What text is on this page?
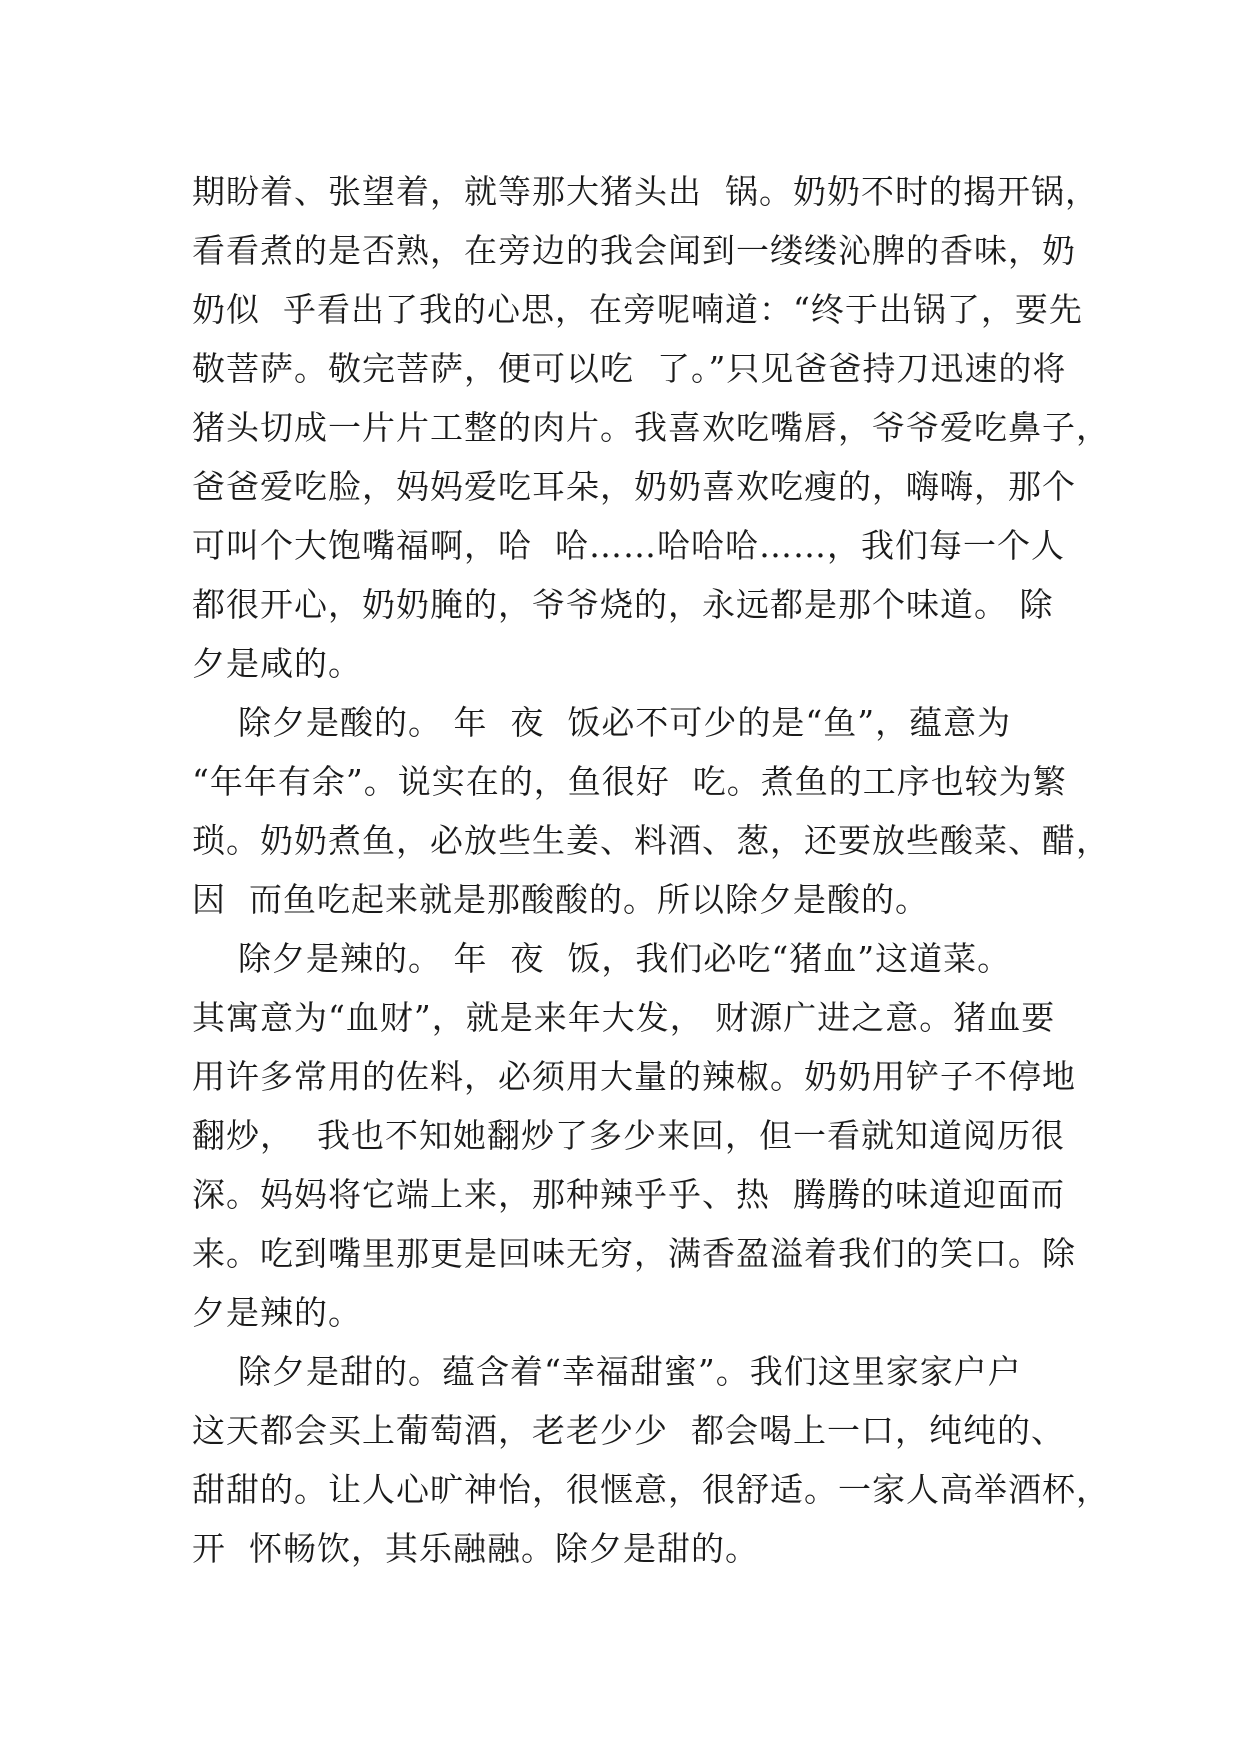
期盼着、张望着，就等那大猪头出  锅。奶奶不时的揭开锅，
看看煮的是否熟，在旁边的我会闻到一缕缕沁脾的香味，奶
奶似  乎看出了我的心思，在旁呢喃道：“终于出锅了，要先
敬菩萨。敬完菩萨，便可以吃  了。”只见爸爸持刀迅速的将
猪头切成一片片工整的肉片。我喜欢吃嘴唇，爷爷爱吃鼻子，
爸爸爱吃脸，妈妈爱吃耳朵，奶奶喜欢吃瘦的，嗨嗨，那个
可叫个大饱嘴福啊，哈  哈……哈哈哈……，我们每一个人
都很开心，奶奶腌的，爷爷烧的，永远都是那个味道。 除
夕是咸的。
除夕是酸的。 年  夜  饭必不可少的是“鱼”，蕴意为
“年年有余”。说实在的，鱼很好  吃。煮鱼的工序也较为繁
琐。奶奶煮鱼，必放些生姜、料酒、葱，还要放些酸菜、醋，
因  而鱼吃起来就是那酸酸的。所以除夕是酸的。
除夕是辣的。 年  夜  饭，我们必吃“猪血”这道菜。
其寓意为“血财”，就是来年大发， 财源广进之意。猪血要
用许多常用的佐料，必须用大量的辣椒。奶奶用铲子不停地
翻炒，  我也不知她翻炒了多少来回，但一看就知道阅历很
深。妈妈将它端上来，那种辣乎乎、热  腾腾的味道迎面而
来。吃到嘴里那更是回味无穷，满香盈溢着我们的笑口。除
夕是辣的。
除夕是甜的。蕴含着“幸福甜蜜”。我们这里家家户户
这天都会买上葡萄酒，老老少少  都会喝上一口，纯纯的、
甜甜的。让人心旷神怡，很惬意，很舒适。一家人高举酒杯，
开  怀畅饮，其乐融融。除夕是甜的。
